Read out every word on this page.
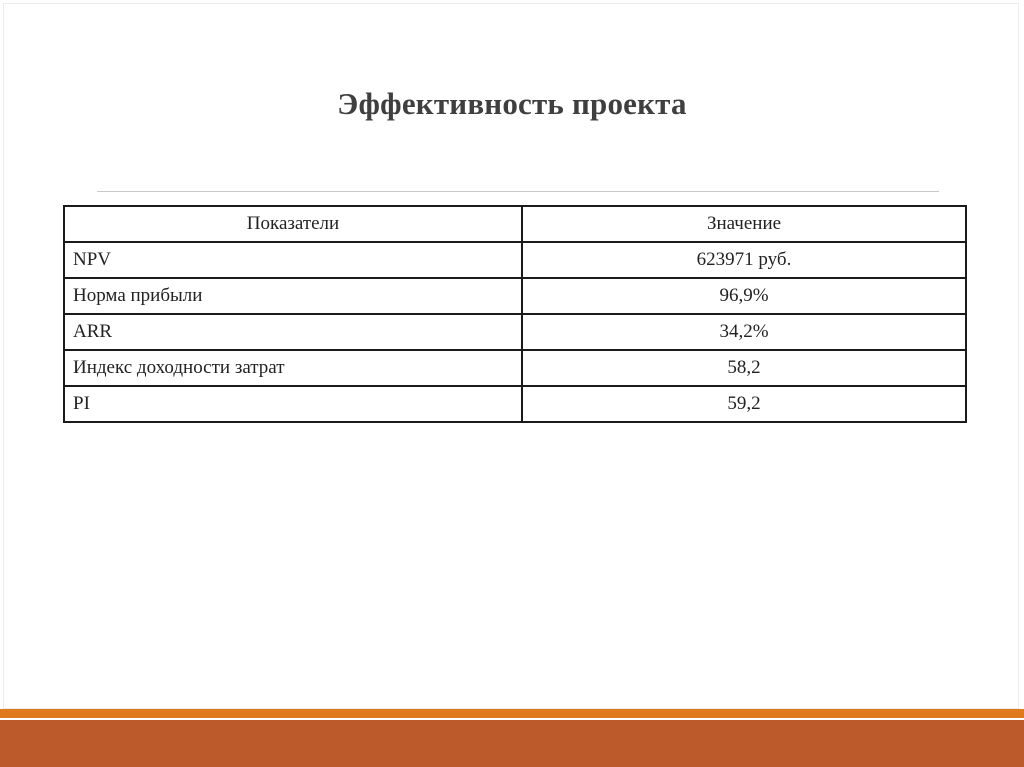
Эффективность проекта
Показатели	Значение
NPV	623971 руб.
Норма прибыли	96,9%
ARR	34,2%
Индекс доходности затрат	58,2
PI	59,2
